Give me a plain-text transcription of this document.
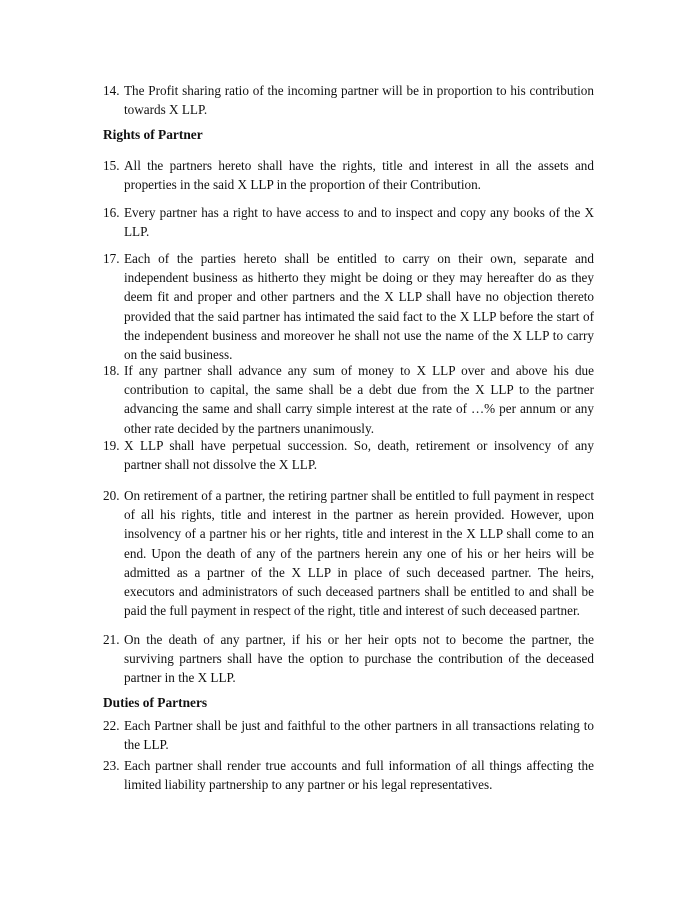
14. The Profit sharing ratio of the incoming partner will be in proportion to his contribution towards X LLP.
Rights of Partner
15. All the partners hereto shall have the rights, title and interest in all the assets and properties in the said X LLP in the proportion of their Contribution.
16. Every partner has a right to have access to and to inspect and copy any books of the X LLP.
17. Each of the parties hereto shall be entitled to carry on their own, separate and independent business as hitherto they might be doing or they may hereafter do as they deem fit and proper and other partners and the X LLP shall have no objection thereto provided that the said partner has intimated the said fact to the X LLP before the start of the independent business and moreover he shall not use the name of the X LLP to carry on the said business.
18. If any partner shall advance any sum of money to X LLP over and above his due contribution to capital, the same shall be a debt due from the X LLP to the partner advancing the same and shall carry simple interest at the rate of …% per annum or any other rate decided by the partners unanimously.
19. X LLP shall have perpetual succession. So, death, retirement or insolvency of any partner shall not dissolve the X LLP.
20. On retirement of a partner, the retiring partner shall be entitled to full payment in respect of all his rights, title and interest in the partner as herein provided. However, upon insolvency of a partner his or her rights, title and interest in the X LLP shall come to an end. Upon the death of any of the partners herein any one of his or her heirs will be admitted as a partner of the X LLP in place of such deceased partner. The heirs, executors and administrators of such deceased partners shall be entitled to and shall be paid the full payment in respect of the right, title and interest of such deceased partner.
21. On the death of any partner, if his or her heir opts not to become the partner, the surviving partners shall have the option to purchase the contribution of the deceased partner in the X LLP.
Duties of Partners
22. Each Partner shall be just and faithful to the other partners in all transactions relating to the LLP.
23. Each partner shall render true accounts and full information of all things affecting the limited liability partnership to any partner or his legal representatives.
